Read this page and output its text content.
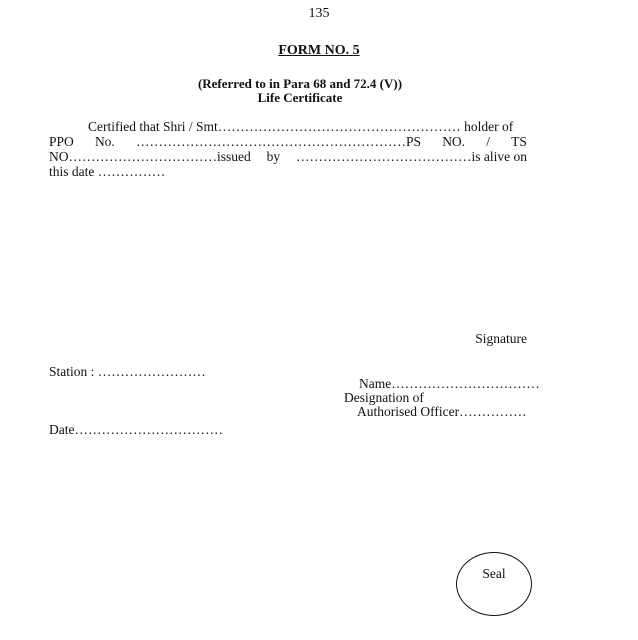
135
FORM NO. 5
(Referred to in Para 68 and 72.4 (V))
Life Certificate
Certified that Shri / Smt……………………………………………… holder of
PPO No. ……………………………………………………PS NO. / TS
NO……………………………issued by …………………………………is alive on
this date ……………
Signature
Station : ……………………
Name……………………………
Designation of
Authorised Officer……………
Date……………………………
Seal
